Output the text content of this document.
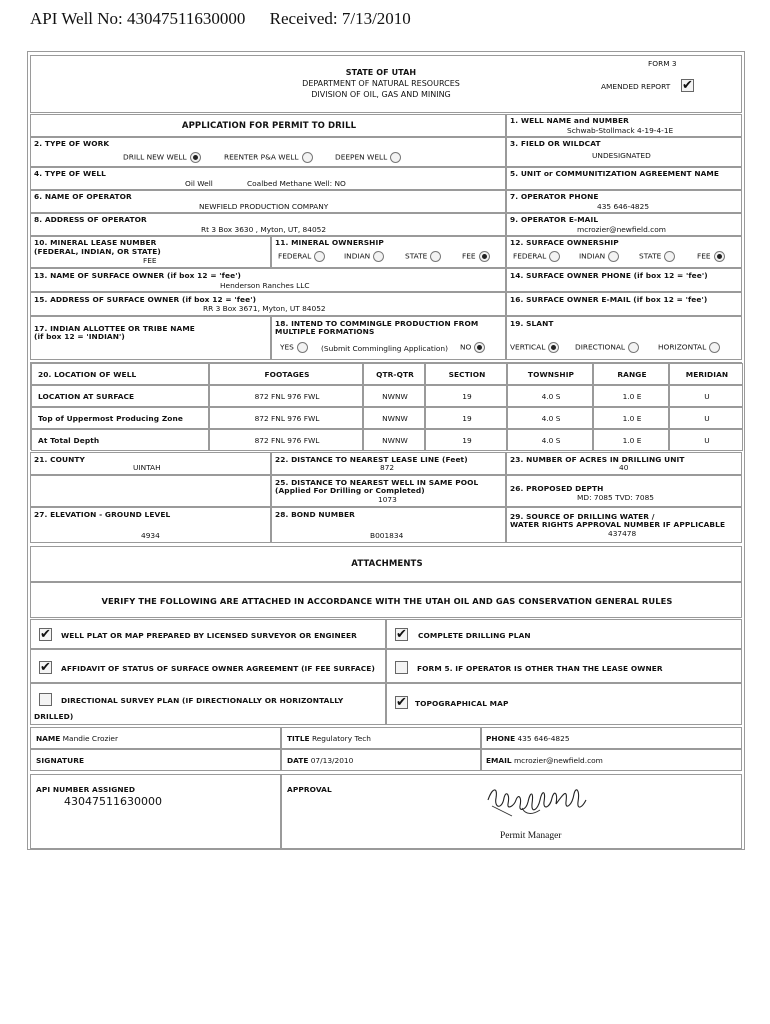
API Well No: 43047511630000 Received: 7/13/2010
FORM 3
STATE OF UTAH
DEPARTMENT OF NATURAL RESOURCES
DIVISION OF OIL, GAS AND MINING
AMENDED REPORT ✔
APPLICATION FOR PERMIT TO DRILL
1. WELL NAME and NUMBER
Schwab-Stollmack 4-19-4-1E
2. TYPE OF WORK
DRILL NEW WELL	REENTER P&A WELL	DEEPEN WELL
3. FIELD OR WILDCAT
UNDESIGNATED
4. TYPE OF WELL
Oil Well	Coalbed Methane Well: NO
5. UNIT or COMMUNITIZATION AGREEMENT NAME
6. NAME OF OPERATOR
NEWFIELD PRODUCTION COMPANY
7. OPERATOR PHONE
435 646-4825
8. ADDRESS OF OPERATOR
Rt 3 Box 3630 , Myton, UT, 84052
9. OPERATOR E-MAIL
mcrozier@newfield.com
10. MINERAL LEASE NUMBER
(FEDERAL, INDIAN, OR STATE)
FEE
11. MINERAL OWNERSHIP
FEDERAL	INDIAN	STATE	FEE
12. SURFACE OWNERSHIP
FEDERAL	INDIAN	STATE	FEE
13. NAME OF SURFACE OWNER (if box 12 = 'fee')
Henderson Ranches LLC
14. SURFACE OWNER PHONE (if box 12 = 'fee')
15. ADDRESS OF SURFACE OWNER (if box 12 = 'fee')
RR 3 Box 3671, Myton, UT 84052
16. SURFACE OWNER E-MAIL (if box 12 = 'fee')
17. INDIAN ALLOTTEE OR TRIBE NAME
(if box 12 = 'INDIAN')
18. INTEND TO COMMINGLE PRODUCTION FROM
MULTIPLE FORMATIONS
YES	(Submit Commingling Application) NO
19. SLANT
VERTICAL	DIRECTIONAL	HORIZONTAL
20. LOCATION OF WELL	FOOTAGES	QTR-QTR	SECTION	TOWNSHIP	RANGE	MERIDIAN
LOCATION AT SURFACE	872 FNL 976 FWL	NWNW	19	4.0 S	1.0 E	U
Top of Uppermost Producing Zone	872 FNL 976 FWL	NWNW	19	4.0 S	1.0 E	U
At Total Depth	872 FNL 976 FWL	NWNW	19	4.0 S	1.0 E	U
21. COUNTY
UINTAH
22. DISTANCE TO NEAREST LEASE LINE (Feet)
872
23. NUMBER OF ACRES IN DRILLING UNIT
40
25. DISTANCE TO NEAREST WELL IN SAME POOL
(Applied For Drilling or Completed)
1073
26. PROPOSED DEPTH
MD: 7085 TVD: 7085
27. ELEVATION - GROUND LEVEL
4934
28. BOND NUMBER
B001834
29. SOURCE OF DRILLING WATER /
WATER RIGHTS APPROVAL NUMBER IF APPLICABLE
437478
ATTACHMENTS
VERIFY THE FOLLOWING ARE ATTACHED IN ACCORDANCE WITH THE UTAH OIL AND GAS CONSERVATION GENERAL RULES
✔ WELL PLAT OR MAP PREPARED BY LICENSED SURVEYOR OR ENGINEER	✔ COMPLETE DRILLING PLAN
✔ AFFIDAVIT OF STATUS OF SURFACE OWNER AGREEMENT (IF FEE SURFACE)	FORM 5. IF OPERATOR IS OTHER THAN THE LEASE OWNER
DIRECTIONAL SURVEY PLAN (IF DIRECTIONALLY OR HORIZONTALLY
DRILLED)
✔ TOPOGRAPHICAL MAP
NAME Mandie Crozier	TITLE Regulatory Tech	PHONE 435 646-4825
SIGNATURE	DATE 07/13/2010	EMAIL mcrozier@newfield.com
API NUMBER ASSIGNED
43047511630000
APPROVAL
Permit Manager
